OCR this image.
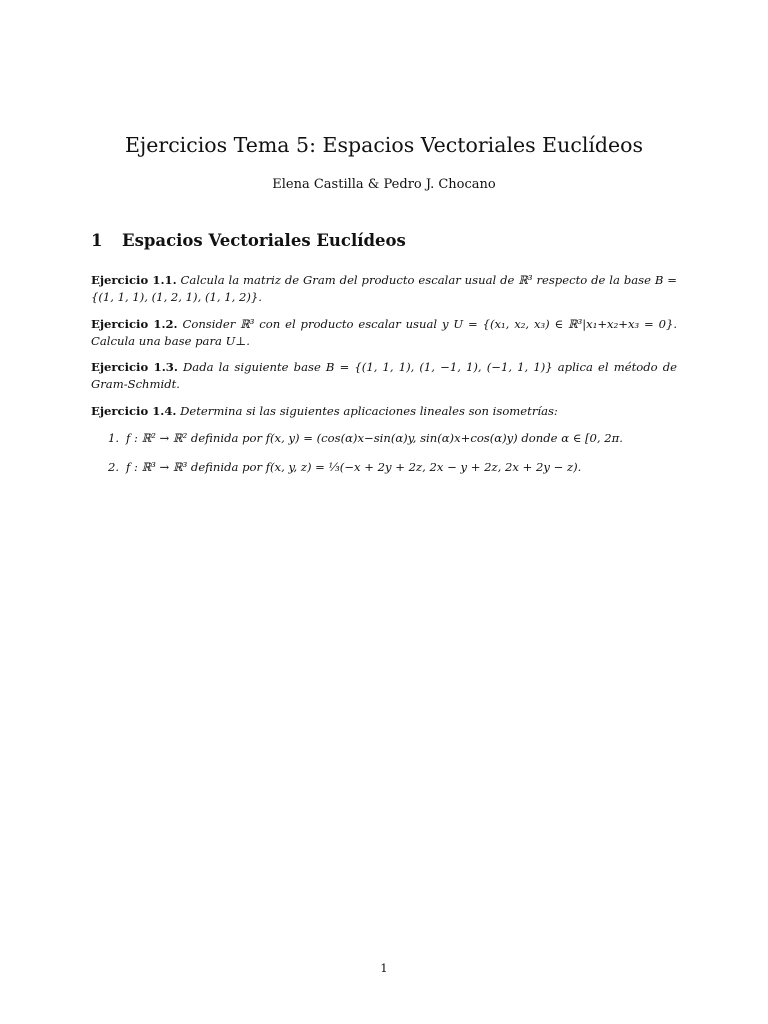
Ejercicios Tema 5: Espacios Vectoriales Euclídeos
Elena Castilla & Pedro J. Chocano
1 Espacios Vectoriales Euclídeos
Ejercicio 1.1. Calcula la matriz de Gram del producto escalar usual de ℝ³ respecto de la base B = {(1, 1, 1), (1, 2, 1), (1, 1, 2)}.
Ejercicio 1.2. Consider ℝ³ con el producto escalar usual y U = {(x₁, x₂, x₃) ∈ ℝ³|x₁+x₂+x₃ = 0}. Calcula una base para U⊥.
Ejercicio 1.3. Dada la siguiente base B = {(1, 1, 1), (1, −1, 1), (−1, 1, 1)} aplica el método de Gram-Schmidt.
Ejercicio 1.4. Determina si las siguientes aplicaciones lineales son isometrías:
1. f : ℝ² → ℝ² definida por f(x, y) = (cos(α)x−sin(α)y, sin(α)x+cos(α)y) donde α ∈ [0, 2π.
2. f : ℝ³ → ℝ³ definida por f(x, y, z) = ⅓(−x + 2y + 2z, 2x − y + 2z, 2x + 2y − z).
1
